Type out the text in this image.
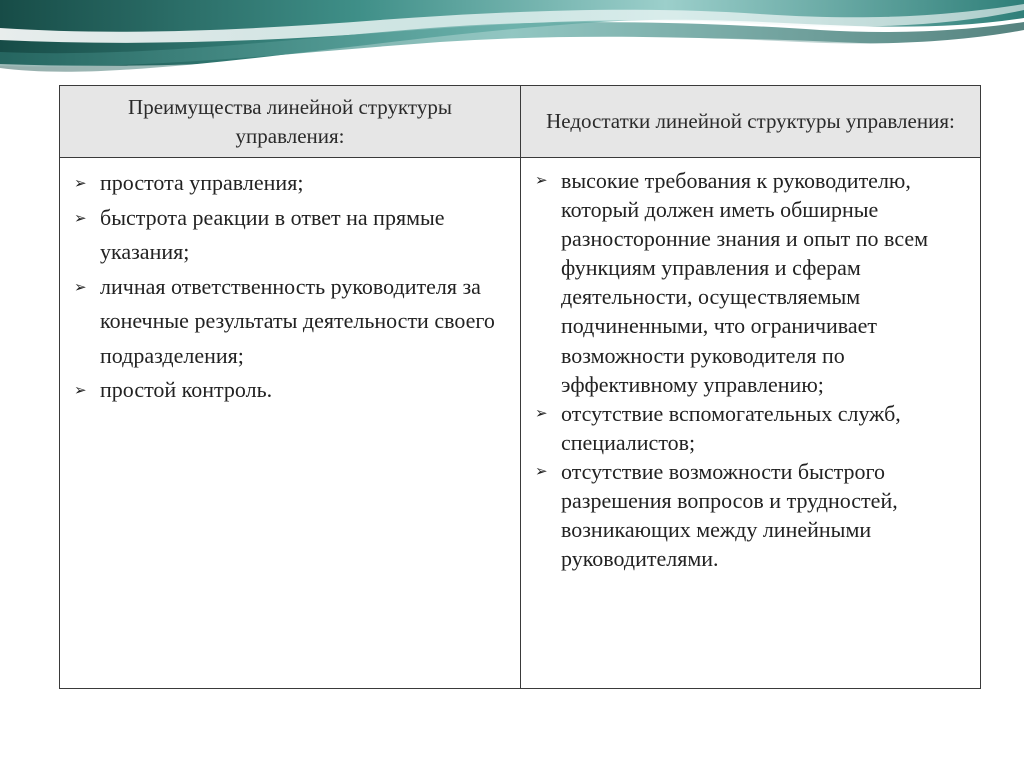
Преимущества линейной структуры управления:
Недостатки линейной структуры управления:
➢ простота управления;
➢ быстрота реакции в ответ на прямые указания;
➢ личная ответственность руководителя за конечные результаты деятельности своего подразделения;
➢ простой контроль.
➢ высокие требования к руководителю, который должен иметь обширные разносторонние знания и опыт по всем функциям управления и сферам деятельности, осуществляемым подчиненными, что ограничивает возможности руководителя по эффективному управлению;
➢ отсутствие вспомогательных служб, специалистов;
➢ отсутствие возможности быстрого разрешения вопросов и трудностей, возникающих между линейными руководителями.
